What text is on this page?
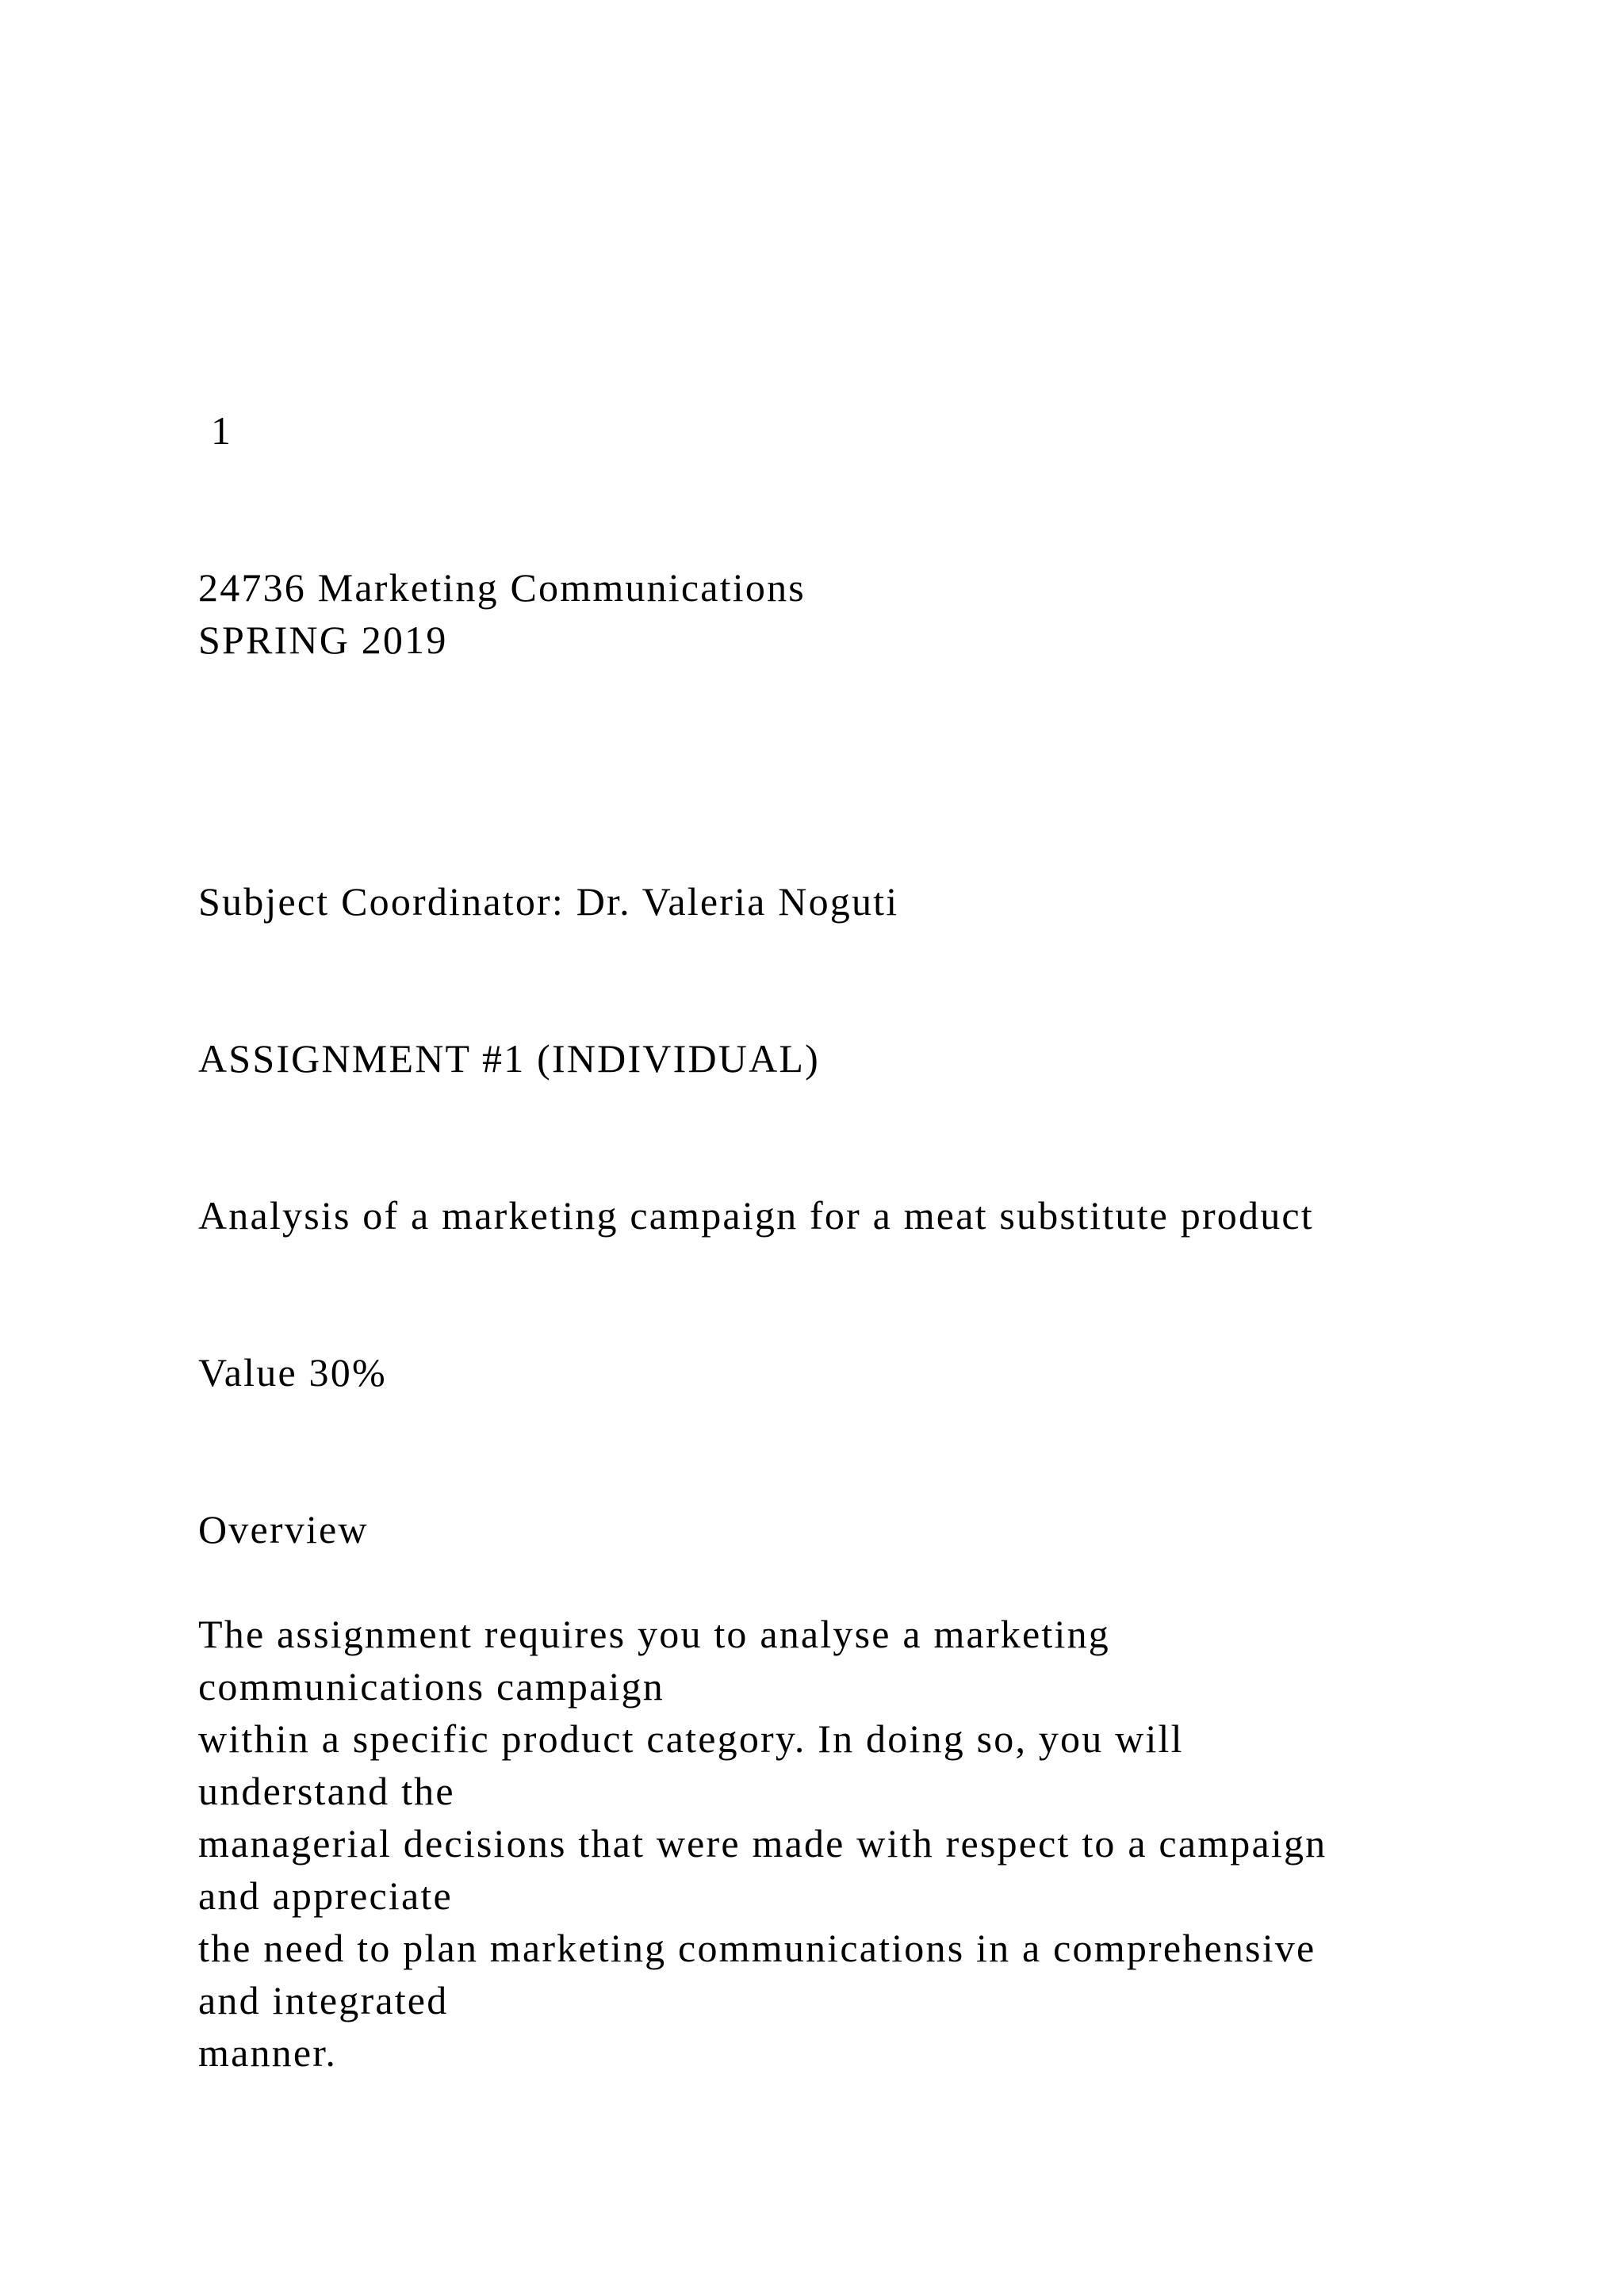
1
24736 Marketing Communications
SPRING 2019
Subject Coordinator: Dr. Valeria Noguti
ASSIGNMENT #1 (INDIVIDUAL)
Analysis of a marketing campaign for a meat substitute product
Value 30%
Overview
The assignment requires you to analyse a marketing
communications campaign
within a specific product category. In doing so, you will
understand the
managerial decisions that were made with respect to a campaign
and appreciate
the need to plan marketing communications in a comprehensive
and integrated
manner.
